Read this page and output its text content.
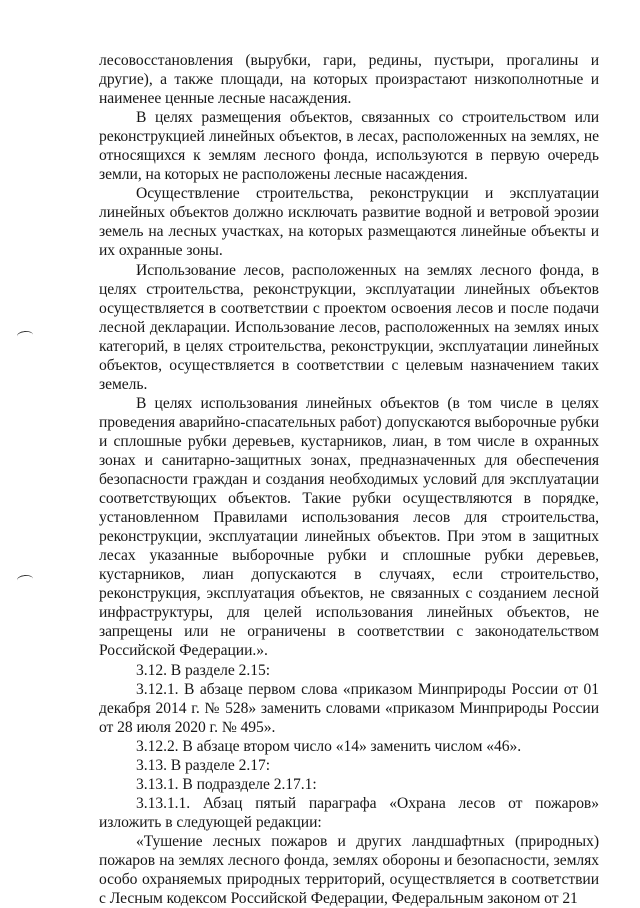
лесовосстановления (вырубки, гари, редины, пустыри, прогалины и другие), а также площади, на которых произрастают низкополнотные и наименее ценные лесные насаждения.

В целях размещения объектов, связанных со строительством или реконструкцией линейных объектов, в лесах, расположенных на землях, не относящихся к землям лесного фонда, используются в первую очередь земли, на которых не расположены лесные насаждения.

Осуществление строительства, реконструкции и эксплуатации линейных объектов должно исключать развитие водной и ветровой эрозии земель на лесных участках, на которых размещаются линейные объекты и их охранные зоны.

Использование лесов, расположенных на землях лесного фонда, в целях строительства, реконструкции, эксплуатации линейных объектов осуществляется в соответствии с проектом освоения лесов и после подачи лесной декларации. Использование лесов, расположенных на землях иных категорий, в целях строительства, реконструкции, эксплуатации линейных объектов, осуществляется в соответствии с целевым назначением таких земель.

В целях использования линейных объектов (в том числе в целях проведения аварийно-спасательных работ) допускаются выборочные рубки и сплошные рубки деревьев, кустарников, лиан, в том числе в охранных зонах и санитарно-защитных зонах, предназначенных для обеспечения безопасности граждан и создания необходимых условий для эксплуатации соответствующих объектов. Такие рубки осуществляются в порядке, установленном Правилами использования лесов для строительства, реконструкции, эксплуатации линейных объектов. При этом в защитных лесах указанные выборочные рубки и сплошные рубки деревьев, кустарников, лиан допускаются в случаях, если строительство, реконструкция, эксплуатация объектов, не связанных с созданием лесной инфраструктуры, для целей использования линейных объектов, не запрещены или не ограничены в соответствии с законодательством Российской Федерации.».

3.12. В разделе 2.15:

3.12.1. В абзаце первом слова «приказом Минприроды России от 01 декабря 2014 г. № 528» заменить словами «приказом Минприроды России от 28 июля 2020 г. № 495».

3.12.2. В абзаце втором число «14» заменить числом «46».

3.13. В разделе 2.17:

3.13.1. В подразделе 2.17.1:

3.13.1.1. Абзац пятый параграфа «Охрана лесов от пожаров» изложить в следующей редакции:

«Тушение лесных пожаров и других ландшафтных (природных) пожаров на землях лесного фонда, землях обороны и безопасности, землях особо охраняемых природных территорий, осуществляется в соответствии с Лесным кодексом Российской Федерации, Федеральным законом от 21
